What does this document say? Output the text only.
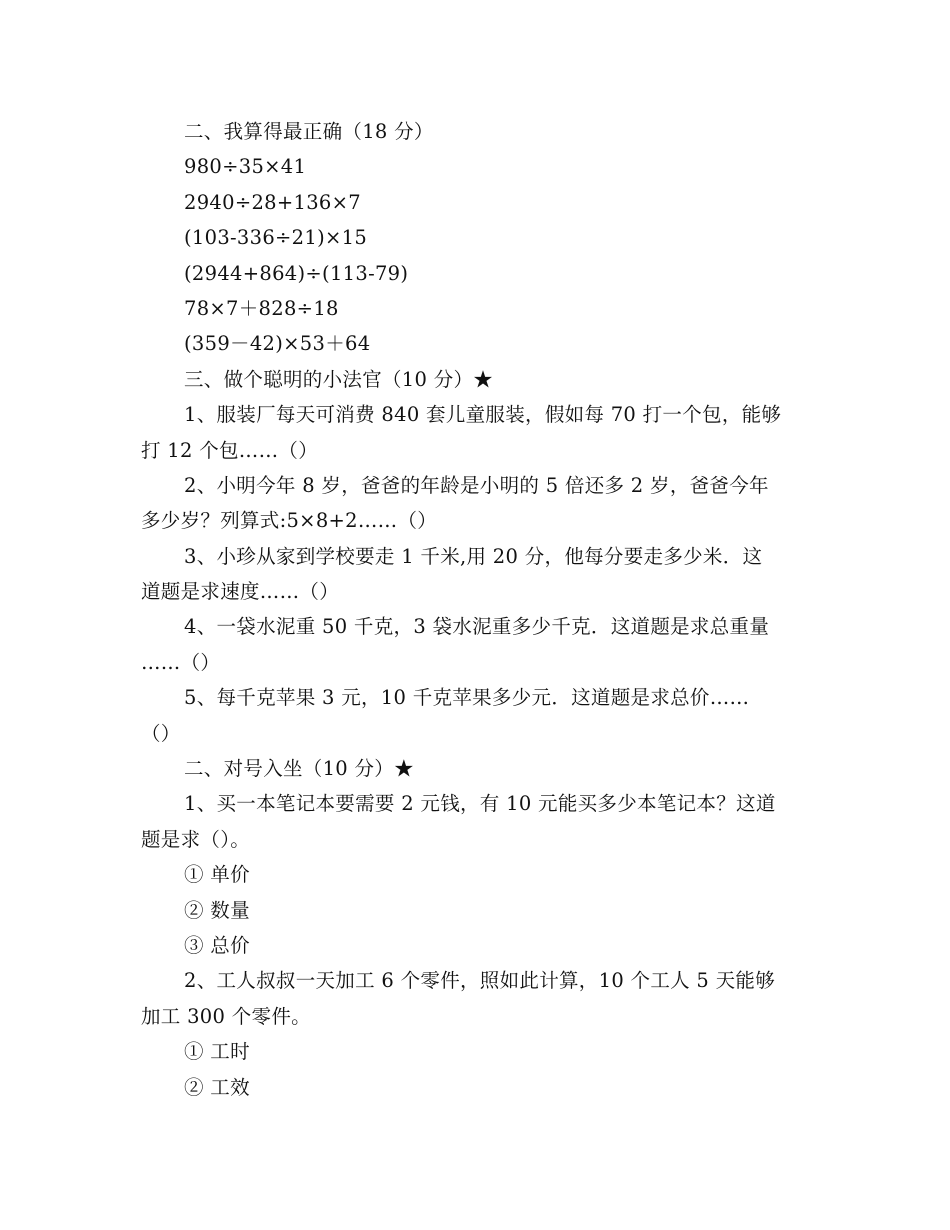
二、我算得最正确（18 分）
980÷35×41
2940÷28+136×7
(103-336÷21)×15
(2944+864)÷(113-79)
78×7＋828÷18
(359－42)×53＋64
三、做个聪明的小法官（10 分）★
1、服装厂每天可消费 840 套儿童服装，假如每 70 打一个包，能够
打 12 个包……（）
2、小明今年 8 岁，爸爸的年龄是小明的 5 倍还多 2 岁，爸爸今年
多少岁？列算式:5×8+2……（）
3、小珍从家到学校要走 1 千米,用 20 分，他每分要走多少米．这
道题是求速度……（）
4、一袋水泥重 50 千克，3 袋水泥重多少千克．这道题是求总重量
……（）
5、每千克苹果 3 元，10 千克苹果多少元．这道题是求总价……
（）
二、对号入坐（10 分）★
1、买一本笔记本要需要 2 元钱，有 10 元能买多少本笔记本？这道
题是求（）。
① 单价
② 数量
③ 总价
2、工人叔叔一天加工 6 个零件，照如此计算，10 个工人 5 天能够
加工 300 个零件。
① 工时
② 工效
